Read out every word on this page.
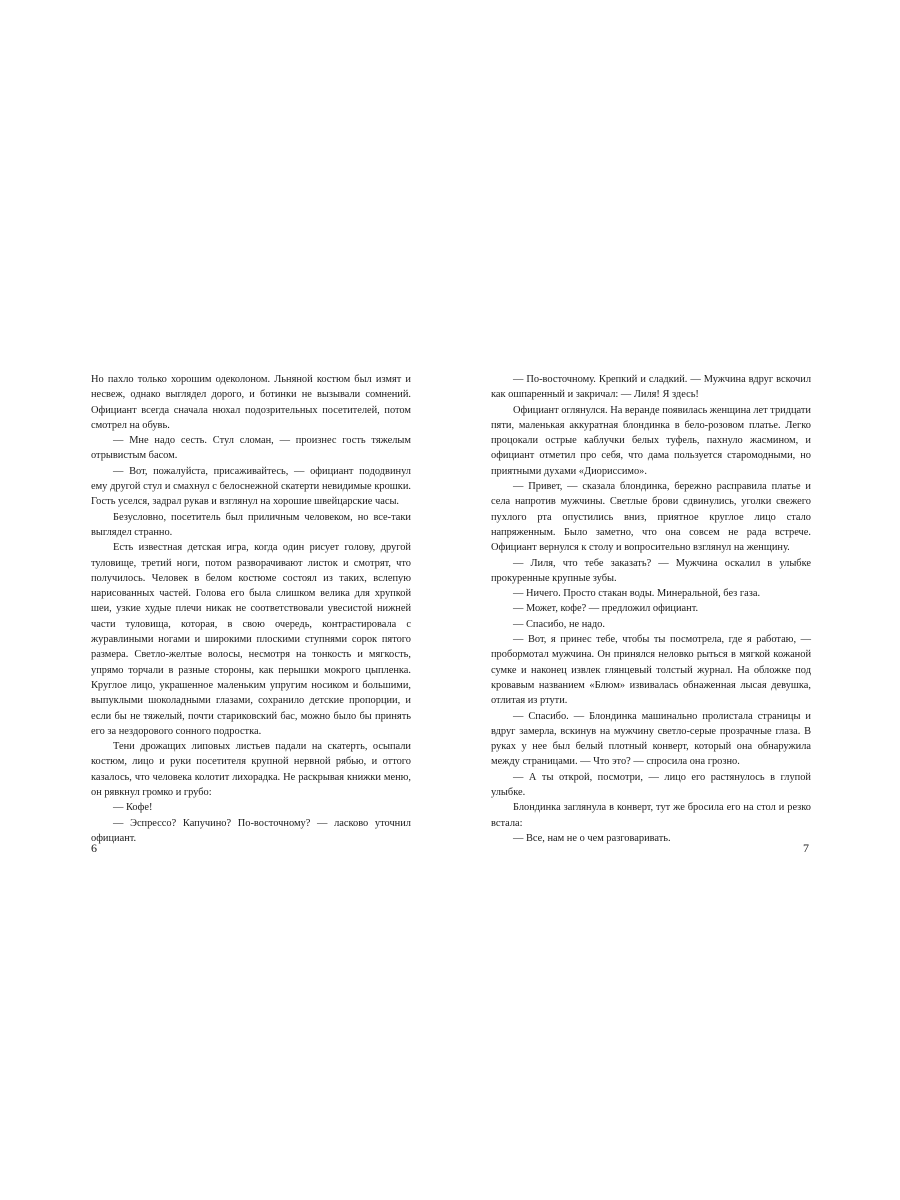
Но пахло только хорошим одеколоном. Льняной костюм был измят и несвеж, однако выглядел дорого, и ботинки не вызывали сомнений. Официант всегда сначала нюхал подозрительных посетителей, потом смотрел на обувь.

— Мне надо сесть. Стул сломан, — произнес гость тяжелым отрывистым басом.

— Вот, пожалуйста, присаживайтесь, — официант пододвинул ему другой стул и смахнул с белоснежной скатерти невидимые крошки. Гость уселся, задрал рукав и взглянул на хорошие швейцарские часы.

Безусловно, посетитель был приличным человеком, но все-таки выглядел странно.

Есть известная детская игра, когда один рисует голову, другой туловище, третий ноги, потом разворачивают листок и смотрят, что получилось. Человек в белом костюме состоял из таких, вслепую нарисованных частей. Голова его была слишком велика для хрупкой шеи, узкие худые плечи никак не соответствовали увесистой нижней части туловища, которая, в свою очередь, контрастировала с журавлиными ногами и широкими плоскими ступнями сорок пятого размера. Светло-желтые волосы, несмотря на тонкость и мягкость, упрямо торчали в разные стороны, как перышки мокрого цыпленка. Круглое лицо, украшенное маленьким упругим носиком и большими, выпуклыми шоколадными глазами, сохранило детские пропорции, и если бы не тяжелый, почти стариковский бас, можно было бы принять его за нездорового сонного подростка.

Тени дрожащих липовых листьев падали на скатерть, осыпали костюм, лицо и руки посетителя крупной нервной рябью, и оттого казалось, что человека колотит лихорадка. Не раскрывая книжки меню, он рявкнул громко и грубо:

— Кофе!

— Эспрессо? Капучино? По-восточному? — ласково уточнил официант.

6

— По-восточному. Крепкий и сладкий. — Мужчина вдруг вскочил как ошпаренный и закричал: — Лиля! Я здесь!

Официант оглянулся. На веранде появилась женщина лет тридцати пяти, маленькая аккуратная блондинка в бело-розовом платье. Легко процокали острые каблучки белых туфель, пахнуло жасмином, и официант отметил про себя, что дама пользуется старомодными, но приятными духами «Диориссимо».

— Привет, — сказала блондинка, бережно расправила платье и села напротив мужчины. Светлые брови сдвинулись, уголки свежего пухлого рта опустились вниз, приятное круглое лицо стало напряженным. Было заметно, что она совсем не рада встрече. Официант вернулся к столу и вопросительно взглянул на женщину.

— Лиля, что тебе заказать? — Мужчина оскалил в улыбке прокуренные крупные зубы.

— Ничего. Просто стакан воды. Минеральной, без газа.

— Может, кофе? — предложил официант.

— Спасибо, не надо.

— Вот, я принес тебе, чтобы ты посмотрела, где я работаю, — пробормотал мужчина. Он принялся неловко рыться в мягкой кожаной сумке и наконец извлек глянцевый толстый журнал. На обложке под кровавым названием «Блюм» извивалась обнаженная лысая девушка, отлитая из ртути.

— Спасибо. — Блондинка машинально пролистала страницы и вдруг замерла, вскинув на мужчину светло-серые прозрачные глаза. В руках у нее был белый плотный конверт, который она обнаружила между страницами. — Что это? — спросила она грозно.

— А ты открой, посмотри, — лицо его растянулось в глупой улыбке.

Блондинка заглянула в конверт, тут же бросила его на стол и резко встала:

— Все, нам не о чем разговаривать.

7
